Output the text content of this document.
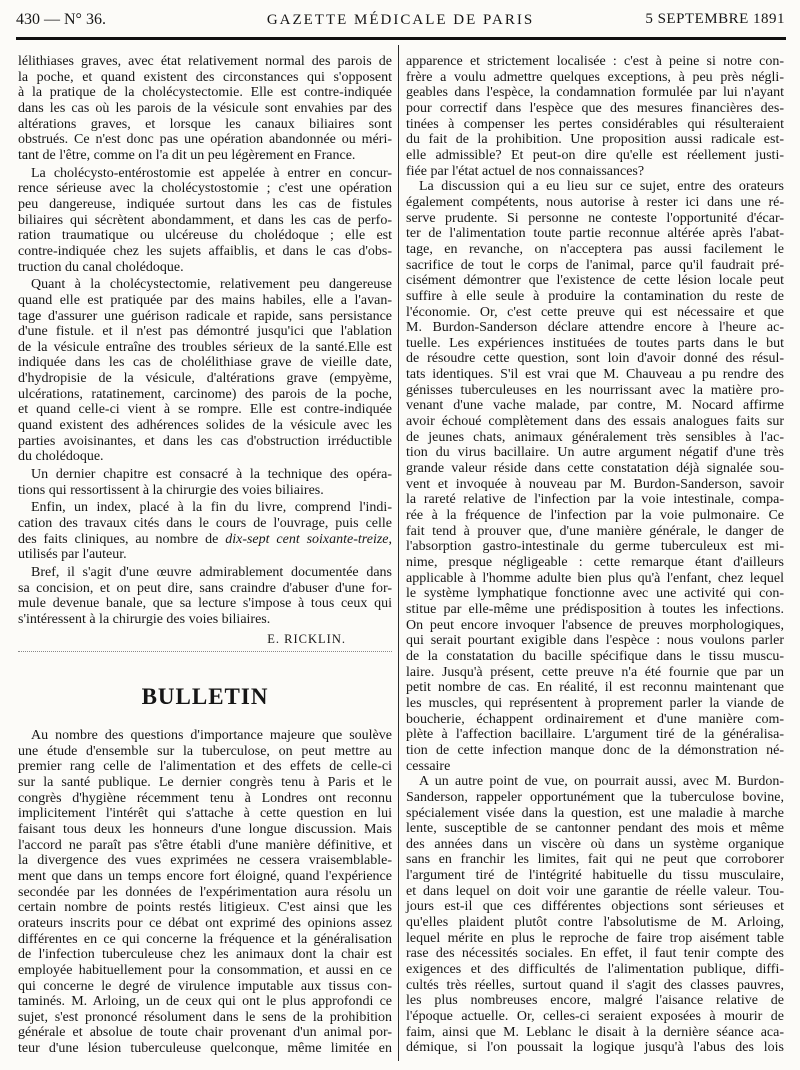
430 — N° 36.	GAZETTE MÉDICALE DE PARIS	5 SEPTEMBRE 1891
lélithiases graves, avec état relativement normal des parois de
la poche, et quand existent des circonstances qui s'opposent
à la pratique de la cholécystectomie. Elle est contre-indiquée
dans les cas où les parois de la vésicule sont envahies par des
altérations graves, et lorsque les canaux biliaires sont
obstrués. Ce n'est donc pas une opération abandonnée ou méri-
tant de l'être, comme on l'a dit un peu légèrement en France.
La cholécysto-entérostomie est appelée à entrer en concur-
rence sérieuse avec la cholécystostomie ; c'est une opération
peu dangereuse, indiquée surtout dans les cas de fistules
biliaires qui sécrètent abondamment, et dans les cas de perfo-
ration traumatique ou ulcéreuse du cholédoque ; elle est
contre-indiquée chez les sujets affaiblis, et dans le cas d'obs-
truction du canal cholédoque.
Quant à la cholécystectomie, relativement peu dangereuse
quand elle est pratiquée par des mains habiles, elle a l'avan-
tage d'assurer une guérison radicale et rapide, sans persistance
d'une fistule. et il n'est pas démontré jusqu'ici que l'ablation
de la vésicule entraîne des troubles sérieux de la santé.Elle est
indiquée dans les cas de cholélithiase grave de vieille date,
d'hydropisie de la vésicule, d'altérations grave (empyème,
ulcérations, ratatinement, carcinome) des parois de la poche,
et quand celle-ci vient à se rompre. Elle est contre-indiquée
quand existent des adhérences solides de la vésicule avec les
parties avoisinantes, et dans les cas d'obstruction irréductible
du cholédoque.
Un dernier chapitre est consacré à la technique des opéra-
tions qui ressortissent à la chirurgie des voies biliaires.
Enfin, un index, placé à la fin du livre, comprend l'indi-
cation des travaux cités dans le cours de l'ouvrage, puis celle
des faits cliniques, au nombre de dix-sept cent soixante-treize,
utilisés par l'auteur.
Bref, il s'agit d'une œuvre admirablement documentée dans
sa concision, et on peut dire, sans craindre d'abuser d'une for-
mule devenue banale, que sa lecture s'impose à tous ceux qui
s'intéressent à la chirurgie des voies biliaires.
E. RICKLIN.
BULLETIN
Au nombre des questions d'importance majeure que soulève
une étude d'ensemble sur la tuberculose, on peut mettre au
premier rang celle de l'alimentation et des effets de celle-ci
sur la santé publique. Le dernier congrès tenu à Paris et le
congrès d'hygiène récemment tenu à Londres ont reconnu
implicitement l'intérêt qui s'attache à cette question en lui
faisant tous deux les honneurs d'une longue discussion. Mais
l'accord ne paraît pas s'être établi d'une manière définitive, et
la divergence des vues exprimées ne cessera vraisemblable-
ment que dans un temps encore fort éloigné, quand l'expérience
secondée par les données de l'expérimentation aura résolu un
certain nombre de points restés litigieux. C'est ainsi que les
orateurs inscrits pour ce débat ont exprimé des opinions assez
différentes en ce qui concerne la fréquence et la généralisation
de l'infection tuberculeuse chez les animaux dont la chair est
employée habituellement pour la consommation, et aussi en ce
qui concerne le degré de virulence imputable aux tissus con-
taminés. M. Arloing, un de ceux qui ont le plus approfondi ce
sujet, s'est prononcé résolument dans le sens de la prohibition
générale et absolue de toute chair provenant d'un animal por-
teur d'une lésion tuberculeuse quelconque, même limitée en
apparence et strictement localisée : c'est à peine si notre con-
frère a voulu admettre quelques exceptions, à peu près négli-
geables dans l'espèce, la condamnation formulée par lui n'ayant
pour correctif dans l'espèce que des mesures financières des-
tinées à compenser les pertes considérables qui résulteraient
du fait de la prohibition. Une proposition aussi radicale est-
elle admissible? Et peut-on dire qu'elle est réellement justi-
fiée par l'état actuel de nos connaissances?
La discussion qui a eu lieu sur ce sujet, entre des orateurs
également compétents, nous autorise à rester ici dans une ré-
serve prudente. Si personne ne conteste l'opportunité d'écar-
ter de l'alimentation toute partie reconnue altérée après l'abat-
tage, en revanche, on n'acceptera pas aussi facilement le
sacrifice de tout le corps de l'animal, parce qu'il faudrait pré-
cisément démontrer que l'existence de cette lésion locale peut
suffire à elle seule à produire la contamination du reste de
l'économie. Or, c'est cette preuve qui est nécessaire et que
M. Burdon-Sanderson déclare attendre encore à l'heure ac-
tuelle. Les expériences instituées de toutes parts dans le but
de résoudre cette question, sont loin d'avoir donné des résul-
tats identiques. S'il est vrai que M. Chauveau a pu rendre des
génisses tuberculeuses en les nourrissant avec la matière pro-
venant d'une vache malade, par contre, M. Nocard affirme
avoir échoué complètement dans des essais analogues faits sur
de jeunes chats, animaux généralement très sensibles à l'ac-
tion du virus bacillaire. Un autre argument négatif d'une très
grande valeur réside dans cette constatation déjà signalée sou-
vent et invoquée à nouveau par M. Burdon-Sanderson, savoir
la rareté relative de l'infection par la voie intestinale, compa-
rée à la fréquence de l'infection par la voie pulmonaire. Ce
fait tend à prouver que, d'une manière générale, le danger de
l'absorption gastro-intestinale du germe tuberculeux est mi-
nime, presque négligeable : cette remarque étant d'ailleurs
applicable à l'homme adulte bien plus qu'à l'enfant, chez lequel
le système lymphatique fonctionne avec une activité qui con-
stitue par elle-même une prédisposition à toutes les infections.
On peut encore invoquer l'absence de preuves morphologiques,
qui serait pourtant exigible dans l'espèce : nous voulons parler
de la constatation du bacille spécifique dans le tissu muscu-
laire. Jusqu'à présent, cette preuve n'a été fournie que par un
petit nombre de cas. En réalité, il est reconnu maintenant que
les muscles, qui représentent à proprement parler la viande de
boucherie, échappent ordinairement et d'une manière com-
plète à l'affection bacillaire. L'argument tiré de la généralisa-
tion de cette infection manque donc de la démonstration né-
cessaire
A un autre point de vue, on pourrait aussi, avec M. Burdon-
Sanderson, rappeler opportunément que la tuberculose bovine,
spécialement visée dans la question, est une maladie à marche
lente, susceptible de se cantonner pendant des mois et même
des années dans un viscère où dans un système organique
sans en franchir les limites, fait qui ne peut que corroborer
l'argument tiré de l'intégrité habituelle du tissu musculaire,
et dans lequel on doit voir une garantie de réelle valeur. Tou-
jours est-il que ces différentes objections sont sérieuses et
qu'elles plaident plutôt contre l'absolutisme de M. Arloing,
lequel mérite en plus le reproche de faire trop aisément table
rase des nécessités sociales. En effet, il faut tenir compte des
exigences et des difficultés de l'alimentation publique, diffi-
cultés très réelles, surtout quand il s'agit des classes pauvres,
les plus nombreuses encore, malgré l'aisance relative de
l'époque actuelle. Or, celles-ci seraient exposées à mourir de
faim, ainsi que M. Leblanc le disait à la dernière séance aca-
démique, si l'on poussait la logique jusqu'à l'abus des lois
